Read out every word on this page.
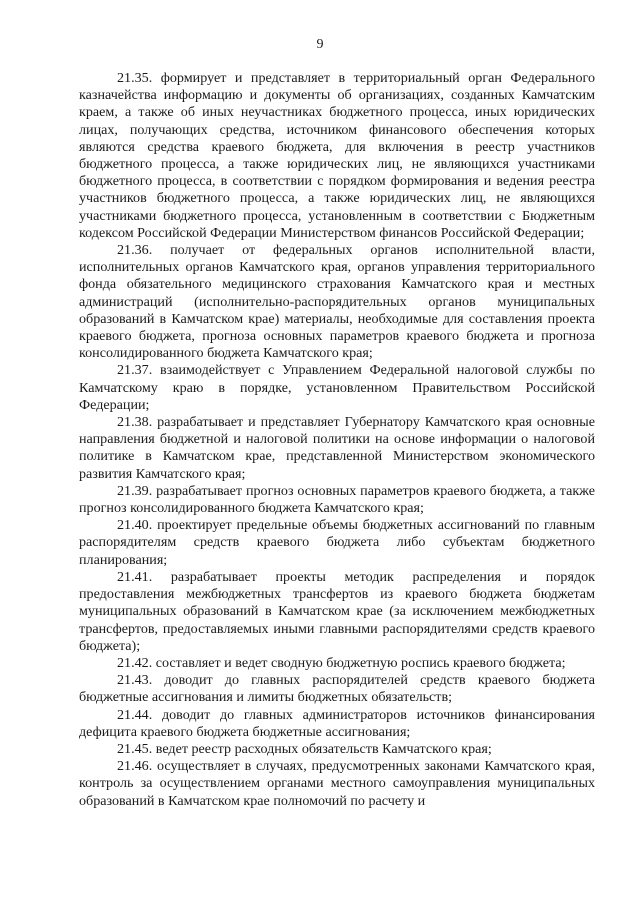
9

21.35. формирует и представляет в территориальный орган Федерального казначейства информацию и документы об организациях, созданных Камчатским краем, а также об иных неучастниках бюджетного процесса, иных юридических лицах, получающих средства, источником финансового обеспечения которых являются средства краевого бюджета, для включения в реестр участников бюджетного процесса, а также юридических лиц, не являющихся участниками бюджетного процесса, в соответствии с порядком формирования и ведения реестра участников бюджетного процесса, а также юридических лиц, не являющихся участниками бюджетного процесса, установленным в соответствии с Бюджетным кодексом Российской Федерации Министерством финансов Российской Федерации;

21.36. получает от федеральных органов исполнительной власти, исполнительных органов Камчатского края, органов управления территориального фонда обязательного медицинского страхования Камчатского края и местных администраций (исполнительно-распорядительных органов муниципальных образований в Камчатском крае) материалы, необходимые для составления проекта краевого бюджета, прогноза основных параметров краевого бюджета и прогноза консолидированного бюджета Камчатского края;

21.37. взаимодействует с Управлением Федеральной налоговой службы по Камчатскому краю в порядке, установленном Правительством Российской Федерации;

21.38. разрабатывает и представляет Губернатору Камчатского края основные направления бюджетной и налоговой политики на основе информации о налоговой политике в Камчатском крае, представленной Министерством экономического развития Камчатского края;

21.39. разрабатывает прогноз основных параметров краевого бюджета, а также прогноз консолидированного бюджета Камчатского края;

21.40. проектирует предельные объемы бюджетных ассигнований по главным распорядителям средств краевого бюджета либо субъектам бюджетного планирования;

21.41. разрабатывает проекты методик распределения и порядок предоставления межбюджетных трансфертов из краевого бюджета бюджетам муниципальных образований в Камчатском крае (за исключением межбюджетных трансфертов, предоставляемых иными главными распорядителями средств краевого бюджета);

21.42. составляет и ведет сводную бюджетную роспись краевого бюджета;

21.43. доводит до главных распорядителей средств краевого бюджета бюджетные ассигнования и лимиты бюджетных обязательств;

21.44. доводит до главных администраторов источников финансирования дефицита краевого бюджета бюджетные ассигнования;

21.45. ведет реестр расходных обязательств Камчатского края;

21.46. осуществляет в случаях, предусмотренных законами Камчатского края, контроль за осуществлением органами местного самоуправления муниципальных образований в Камчатском крае полномочий по расчету и
